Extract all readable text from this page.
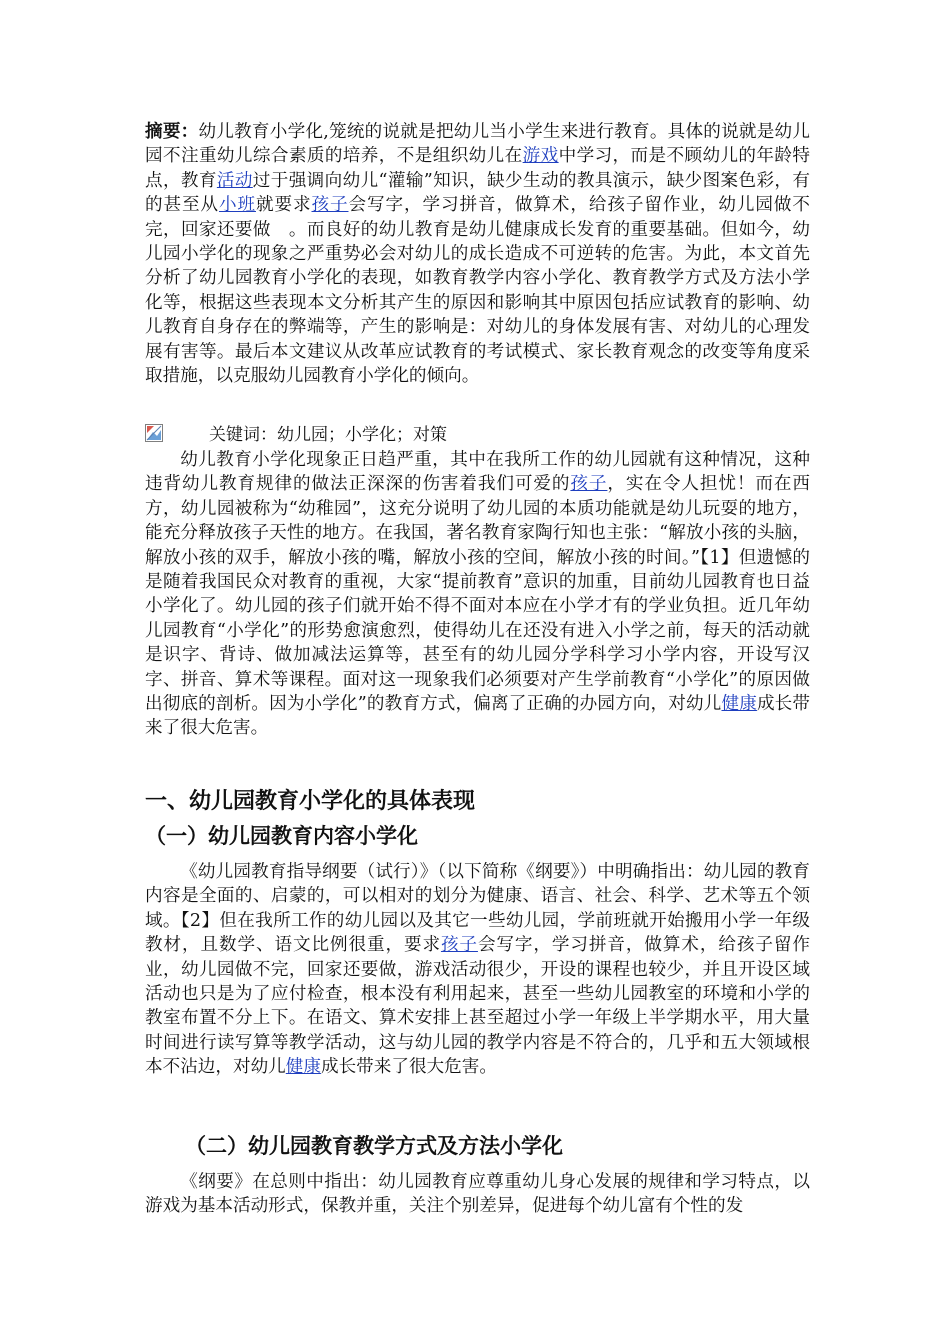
摘要：幼儿教育小学化,笼统的说就是把幼儿当小学生来进行教育。具体的说就是幼儿园不注重幼儿综合素质的培养，不是组织幼儿在游戏中学习，而是不顾幼儿的年龄特点，教育活动过于强调向幼儿“灌输”知识，缺少生动的教具演示，缺少图案色彩，有的甚至从小班就要求孩子会写字，学习拼音，做算术，给孩子留作业，幼儿园做不完，回家还要做　。而良好的幼儿教育是幼儿健康成长发育的重要基础。但如今，幼儿园小学化的现象之严重势必会对幼儿的成长造成不可逆转的危害。为此，本文首先分析了幼儿园教育小学化的表现，如教育教学内容小学化、教育教学方式及方法小学化等，根据这些表现本文分析其产生的原因和影响其中原因包括应试教育的影响、幼儿教育自身存在的弊端等，产生的影响是：对幼儿的身体发展有害、对幼儿的心理发展有害等。最后本文建议从改革应试教育的考试模式、家长教育观念的改变等角度采取措施，以克服幼儿园教育小学化的倾向。

关键词：幼儿园；小学化；对策

幼儿教育小学化现象正日趋严重，其中在我所工作的幼儿园就有这种情况，这种违背幼儿教育规律的做法正深深的伤害着我们可爱的孩子，实在令人担忧！而在西方，幼儿园被称为“幼稚园”，这充分说明了幼儿园的本质功能就是幼儿玩耍的地方，能充分释放孩子天性的地方。在我国，著名教育家陶行知也主张：“解放小孩的头脑，解放小孩的双手，解放小孩的嘴，解放小孩的空间，解放小孩的时间。”【1】但遗憾的是随着我国民众对教育的重视，大家“提前教育”意识的加重，目前幼儿园教育也日益小学化了。幼儿园的孩子们就开始不得不面对本应在小学才有的学业负担。近几年幼儿园教育“小学化”的形势愈演愈烈，使得幼儿在还没有进入小学之前，每天的活动就是识字、背诗、做加减法运算等，甚至有的幼儿园分学科学习小学内容，开设写汉字、拼音、算术等课程。面对这一现象我们必须要对产生学前教育“小学化”的原因做出彻底的剖析。因为小学化”的教育方式，偏离了正确的办园方向，对幼儿健康成长带来了很大危害。

一、幼儿园教育小学化的具体表现
（一）幼儿园教育内容小学化

《幼儿园教育指导纲要（试行）》（以下简称《纲要》）中明确指出：幼儿园的教育内容是全面的、启蒙的，可以相对的划分为健康、语言、社会、科学、艺术等五个领域。【2】但在我所工作的幼儿园以及其它一些幼儿园，学前班就开始搬用小学一年级教材，且数学、语文比例很重，要求孩子会写字，学习拼音，做算术，给孩子留作业，幼儿园做不完，回家还要做，游戏活动很少，开设的课程也较少，并且开设区域活动也只是为了应付检查，根本没有利用起来，甚至一些幼儿园教室的环境和小学的教室布置不分上下。在语文、算术安排上甚至超过小学一年级上半学期水平，用大量时间进行读写算等教学活动，这与幼儿园的教学内容是不符合的，几乎和五大领域根本不沾边，对幼儿健康成长带来了很大危害。

（二）幼儿园教育教学方式及方法小学化

《纲要》在总则中指出：幼儿园教育应尊重幼儿身心发展的规律和学习特点，以游戏为基本活动形式，保教并重，关注个别差异，促进每个幼儿富有个性的发
